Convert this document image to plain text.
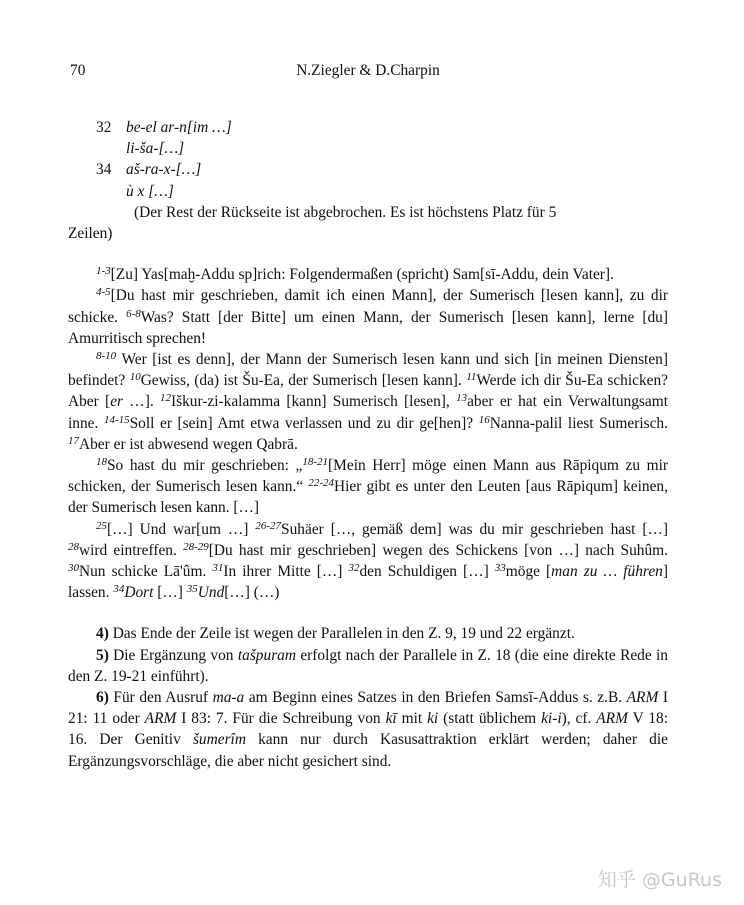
70	N.Ziegler & D.Charpin
32 be-el ar-n[im …]
li-ša-[…]
34 aš-ra-x-[…]
ù x […]

(Der Rest der Rückseite ist abgebrochen. Es ist höchstens Platz für 5

Zeilen)

$^{1-3}$[Zu] Yas[maḫ-Addu sp]rich: Folgendermaßen (spricht) Sam[sī-Addu, dein Vater].

$^{4-5}$[Du hast mir geschrieben, damit ich einen Mann], der Sumerisch [lesen kann], zu dir schicke. $^{6-8}$Was? Statt [der Bitte] um einen Mann, der Sumerisch [lesen kann], lerne [du] Amurritisch sprechen!

$^{8-10}$ Wer [ist es denn], der Mann der Sumerisch lesen kann und sich [in meinen Diensten] befindet? $^{10}$Gewiss, (da) ist Šu-Ea, der Sumerisch [lesen kann]. $^{11}$Werde ich dir Šu-Ea schicken? Aber [er …]. $^{12}$Iškur-zi-kalamma [kann] Sumerisch [lesen], $^{13}$aber er hat ein Verwaltungsamt inne. $^{14-15}$Soll er [sein] Amt etwa verlassen und zu dir ge[hen]? $^{16}$Nanna-palil liest Sumerisch. $^{17}$Aber er ist abwesend wegen Qabrā.

$^{18}$So hast du mir geschrieben: „$^{18-21}$[Mein Herr] möge einen Mann aus Rāpiqum zu mir schicken, der Sumerisch lesen kann.“ $^{22-24}$Hier gibt es unter den Leuten [aus Rāpiqum] keinen, der Sumerisch lesen kann. […]

$^{25}$[…] Und war[um …] $^{26-27}$Suhäer […, gemäß dem] was du mir geschrieben hast […] $^{28}$wird eintreffen. $^{28-29}$[Du hast mir geschrieben] wegen des Schickens [von …] nach Suhûm. $^{30}$Nun schicke Lā'ûm. $^{31}$In ihrer Mitte […] $^{32}$den Schuldigen […] $^{33}$möge [man zu … führen] lassen. $^{34}$Dort […] $^{35}$Und[…] (…)

4) Das Ende der Zeile ist wegen der Parallelen in den Z. 9, 19 und 22 ergänzt.

5) Die Ergänzung von tašpuram erfolgt nach der Parallele in Z. 18 (die eine direkte Rede in den Z. 19-21 einführt).

6) Für den Ausruf ma-a am Beginn eines Satzes in den Briefen Samsī-Addus s. z.B. ARM I 21: 11 oder ARM I 83: 7. Für die Schreibung von kī mit ki (statt üblichem ki-i), cf. ARM V 18: 16. Der Genitiv šumerîm kann nur durch Kasusattraktion erklärt werden; daher die Ergänzungsvorschläge, die aber nicht gesichert sind.

知乎 @GuRus
